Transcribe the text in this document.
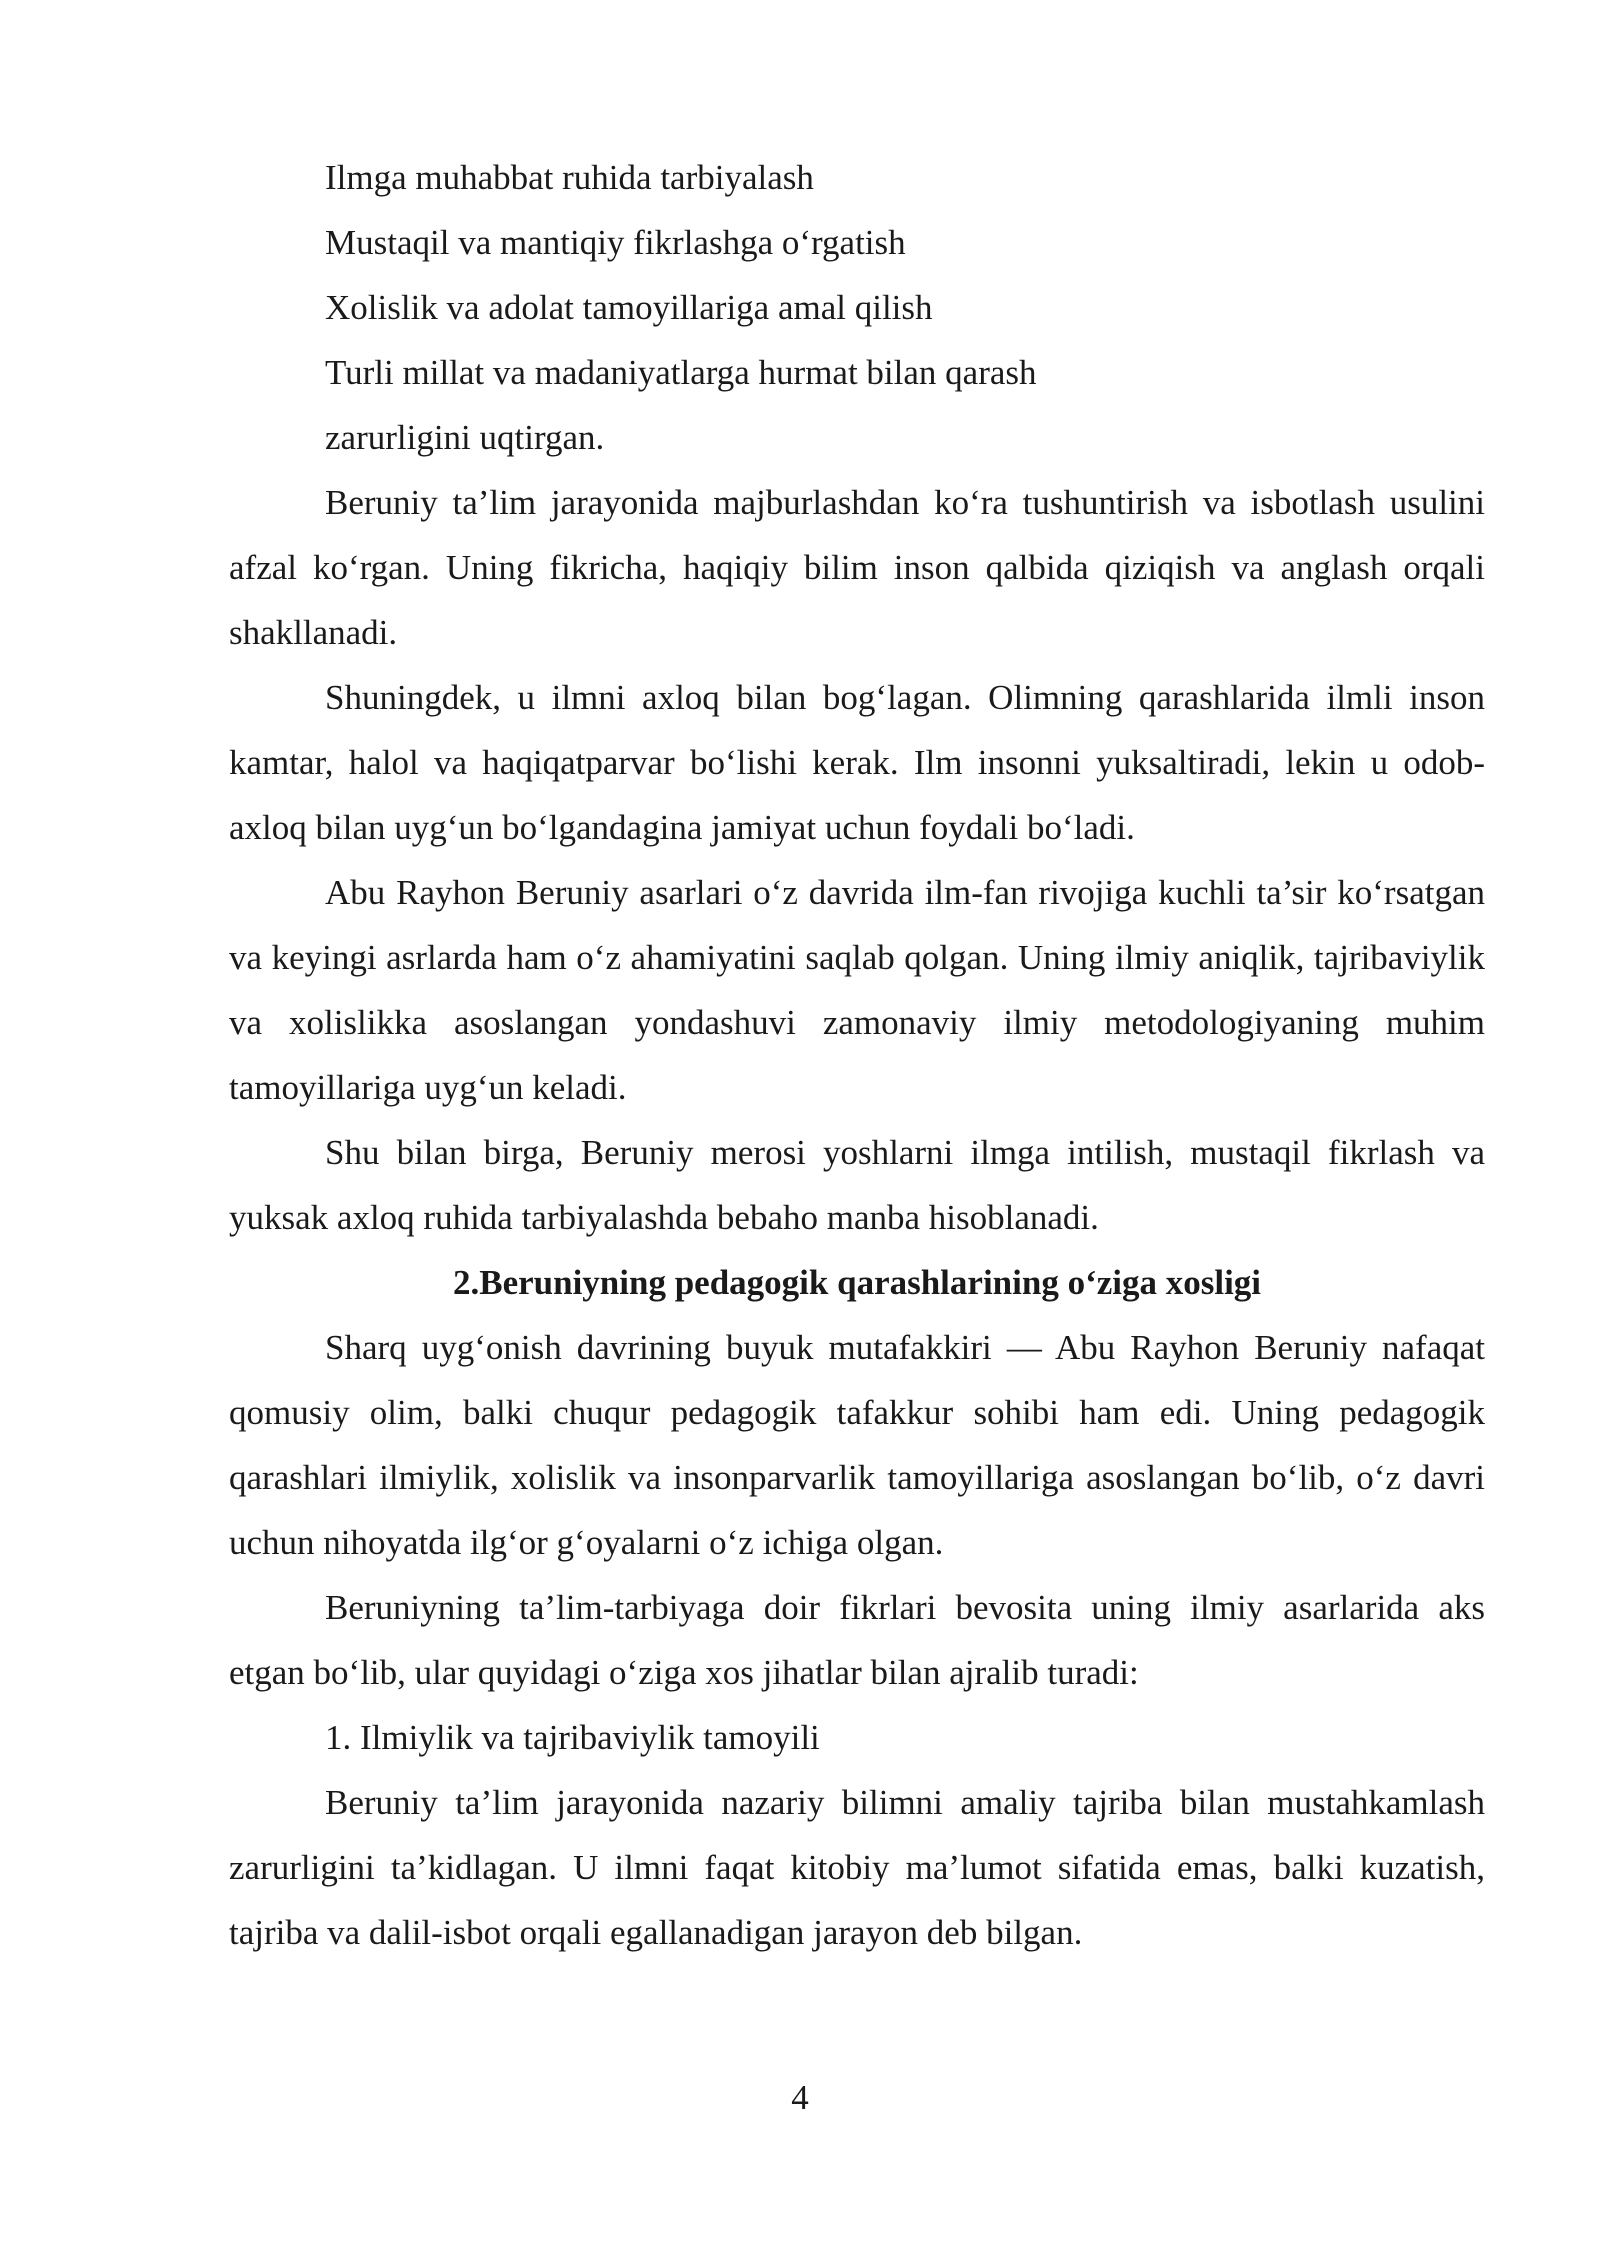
Ilmga muhabbat ruhida tarbiyalash

Mustaqil va mantiqiy fikrlashga o‘rgatish

Xolislik va adolat tamoyillariga amal qilish

Turli millat va madaniyatlarga hurmat bilan qarash

zarurligini uqtirgan.

Beruniy ta’lim jarayonida majburlashdan ko‘ra tushuntirish va isbotlash usulini afzal ko‘rgan. Uning fikricha, haqiqiy bilim inson qalbida qiziqish va anglash orqali shakllanadi.

Shuningdek, u ilmni axloq bilan bog‘lagan. Olimning qarashlarida ilmli inson kamtar, halol va haqiqatparvar bo‘lishi kerak. Ilm insonni yuksaltiradi, lekin u odob-axloq bilan uyg‘un bo‘lgandagina jamiyat uchun foydali bo‘ladi.

Abu Rayhon Beruniy asarlari o‘z davrida ilm-fan rivojiga kuchli ta’sir ko‘rsatgan va keyingi asrlarda ham o‘z ahamiyatini saqlab qolgan. Uning ilmiy aniqlik, tajribaviylik va xolislikka asoslangan yondashuvi zamonaviy ilmiy metodologiyaning muhim tamoyillariga uyg‘un keladi.

Shu bilan birga, Beruniy merosi yoshlarni ilmga intilish, mustaqil fikrlash va yuksak axloq ruhida tarbiyalashda bebaho manba hisoblanadi.

2.Beruniyning pedagogik qarashlarining o‘ziga xosligi

Sharq uyg‘onish davrining buyuk mutafakkiri — Abu Rayhon Beruniy nafaqat qomusiy olim, balki chuqur pedagogik tafakkur sohibi ham edi. Uning pedagogik qarashlari ilmiylik, xolislik va insonparvarlik tamoyillariga asoslangan bo‘lib, o‘z davri uchun nihoyatda ilg‘or g‘oyalarni o‘z ichiga olgan.

Beruniyning ta’lim-tarbiyaga doir fikrlari bevosita uning ilmiy asarlarida aks etgan bo‘lib, ular quyidagi o‘ziga xos jihatlar bilan ajralib turadi:

1. Ilmiylik va tajribaviylik tamoyili

Beruniy ta’lim jarayonida nazariy bilimni amaliy tajriba bilan mustahkamlash zarurligini ta’kidlagan. U ilmni faqat kitobiy ma’lumot sifatida emas, balki kuzatish, tajriba va dalil-isbot orqali egallanadigan jarayon deb bilgan.

4
